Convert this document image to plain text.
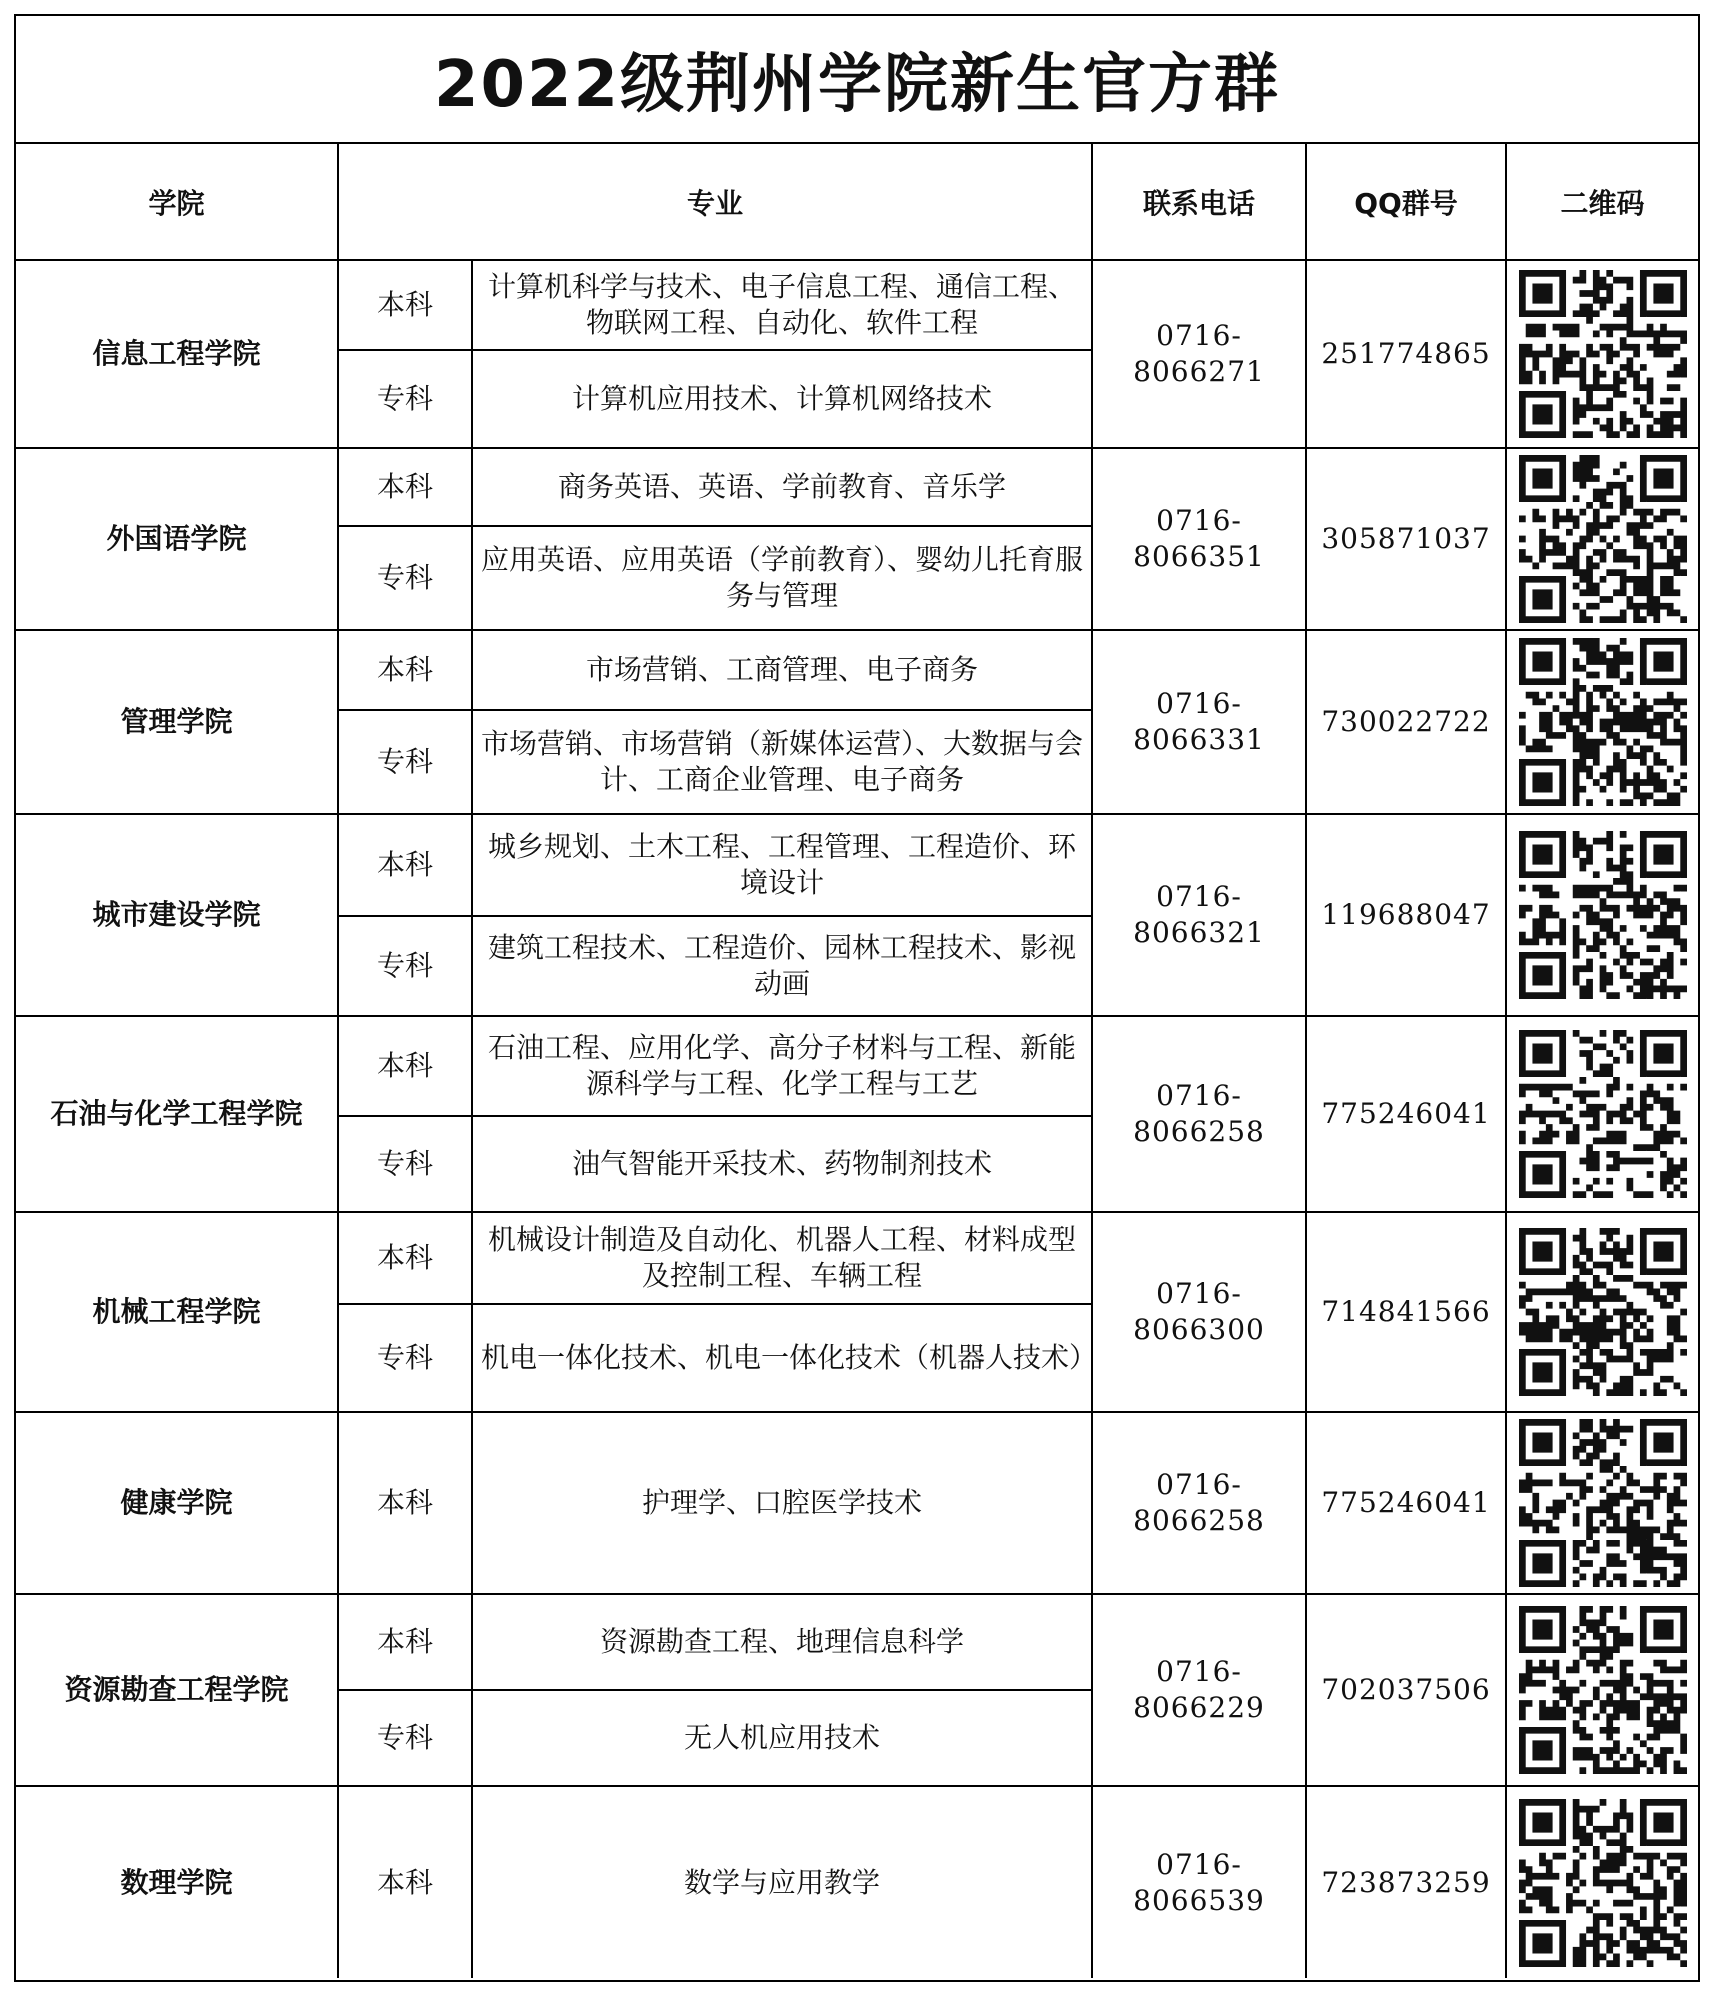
2022级荆州学院新生官方群
学院	专业		联系电话	QQ群号	二维码
信息工程学院	本科	计算机科学与技术、电子信息工程、通信工程、物联网工程、自动化、软件工程	0716-8066271	251774865	

	专科	计算机应用技术、计算机网络技术			
外国语学院	本科	商务英语、英语、学前教育、音乐学	0716-8066351	305871037	

	专科	应用英语、应用英语（学前教育）、婴幼儿托育服务与管理			
管理学院	本科	市场营销、工商管理、电子商务	0716-8066331	730022722	

	专科	市场营销、市场营销（新媒体运营）、大数据与会计、工商企业管理、电子商务			
城市建设学院	本科	城乡规划、土木工程、工程管理、工程造价、环境设计	0716-8066321	119688047	

	专科	建筑工程技术、工程造价、园林工程技术、影视动画			
石油与化学工程学院	本科	石油工程、应用化学、高分子材料与工程、新能源科学与工程、化学工程与工艺	0716-8066258	775246041	

	专科	油气智能开采技术、药物制剂技术			
机械工程学院	本科	机械设计制造及自动化、机器人工程、材料成型及控制工程、车辆工程	0716-8066300	714841566	

	专科	机电一体化技术、机电一体化技术（机器人技术）			
健康学院	本科	护理学、口腔医学技术	0716-8066258	775246041	

资源勘查工程学院	本科	资源勘查工程、地理信息科学	0716-8066229	702037506	

	专科	无人机应用技术			
数理学院	本科	数学与应用教学	0716-8066539	723873259	
